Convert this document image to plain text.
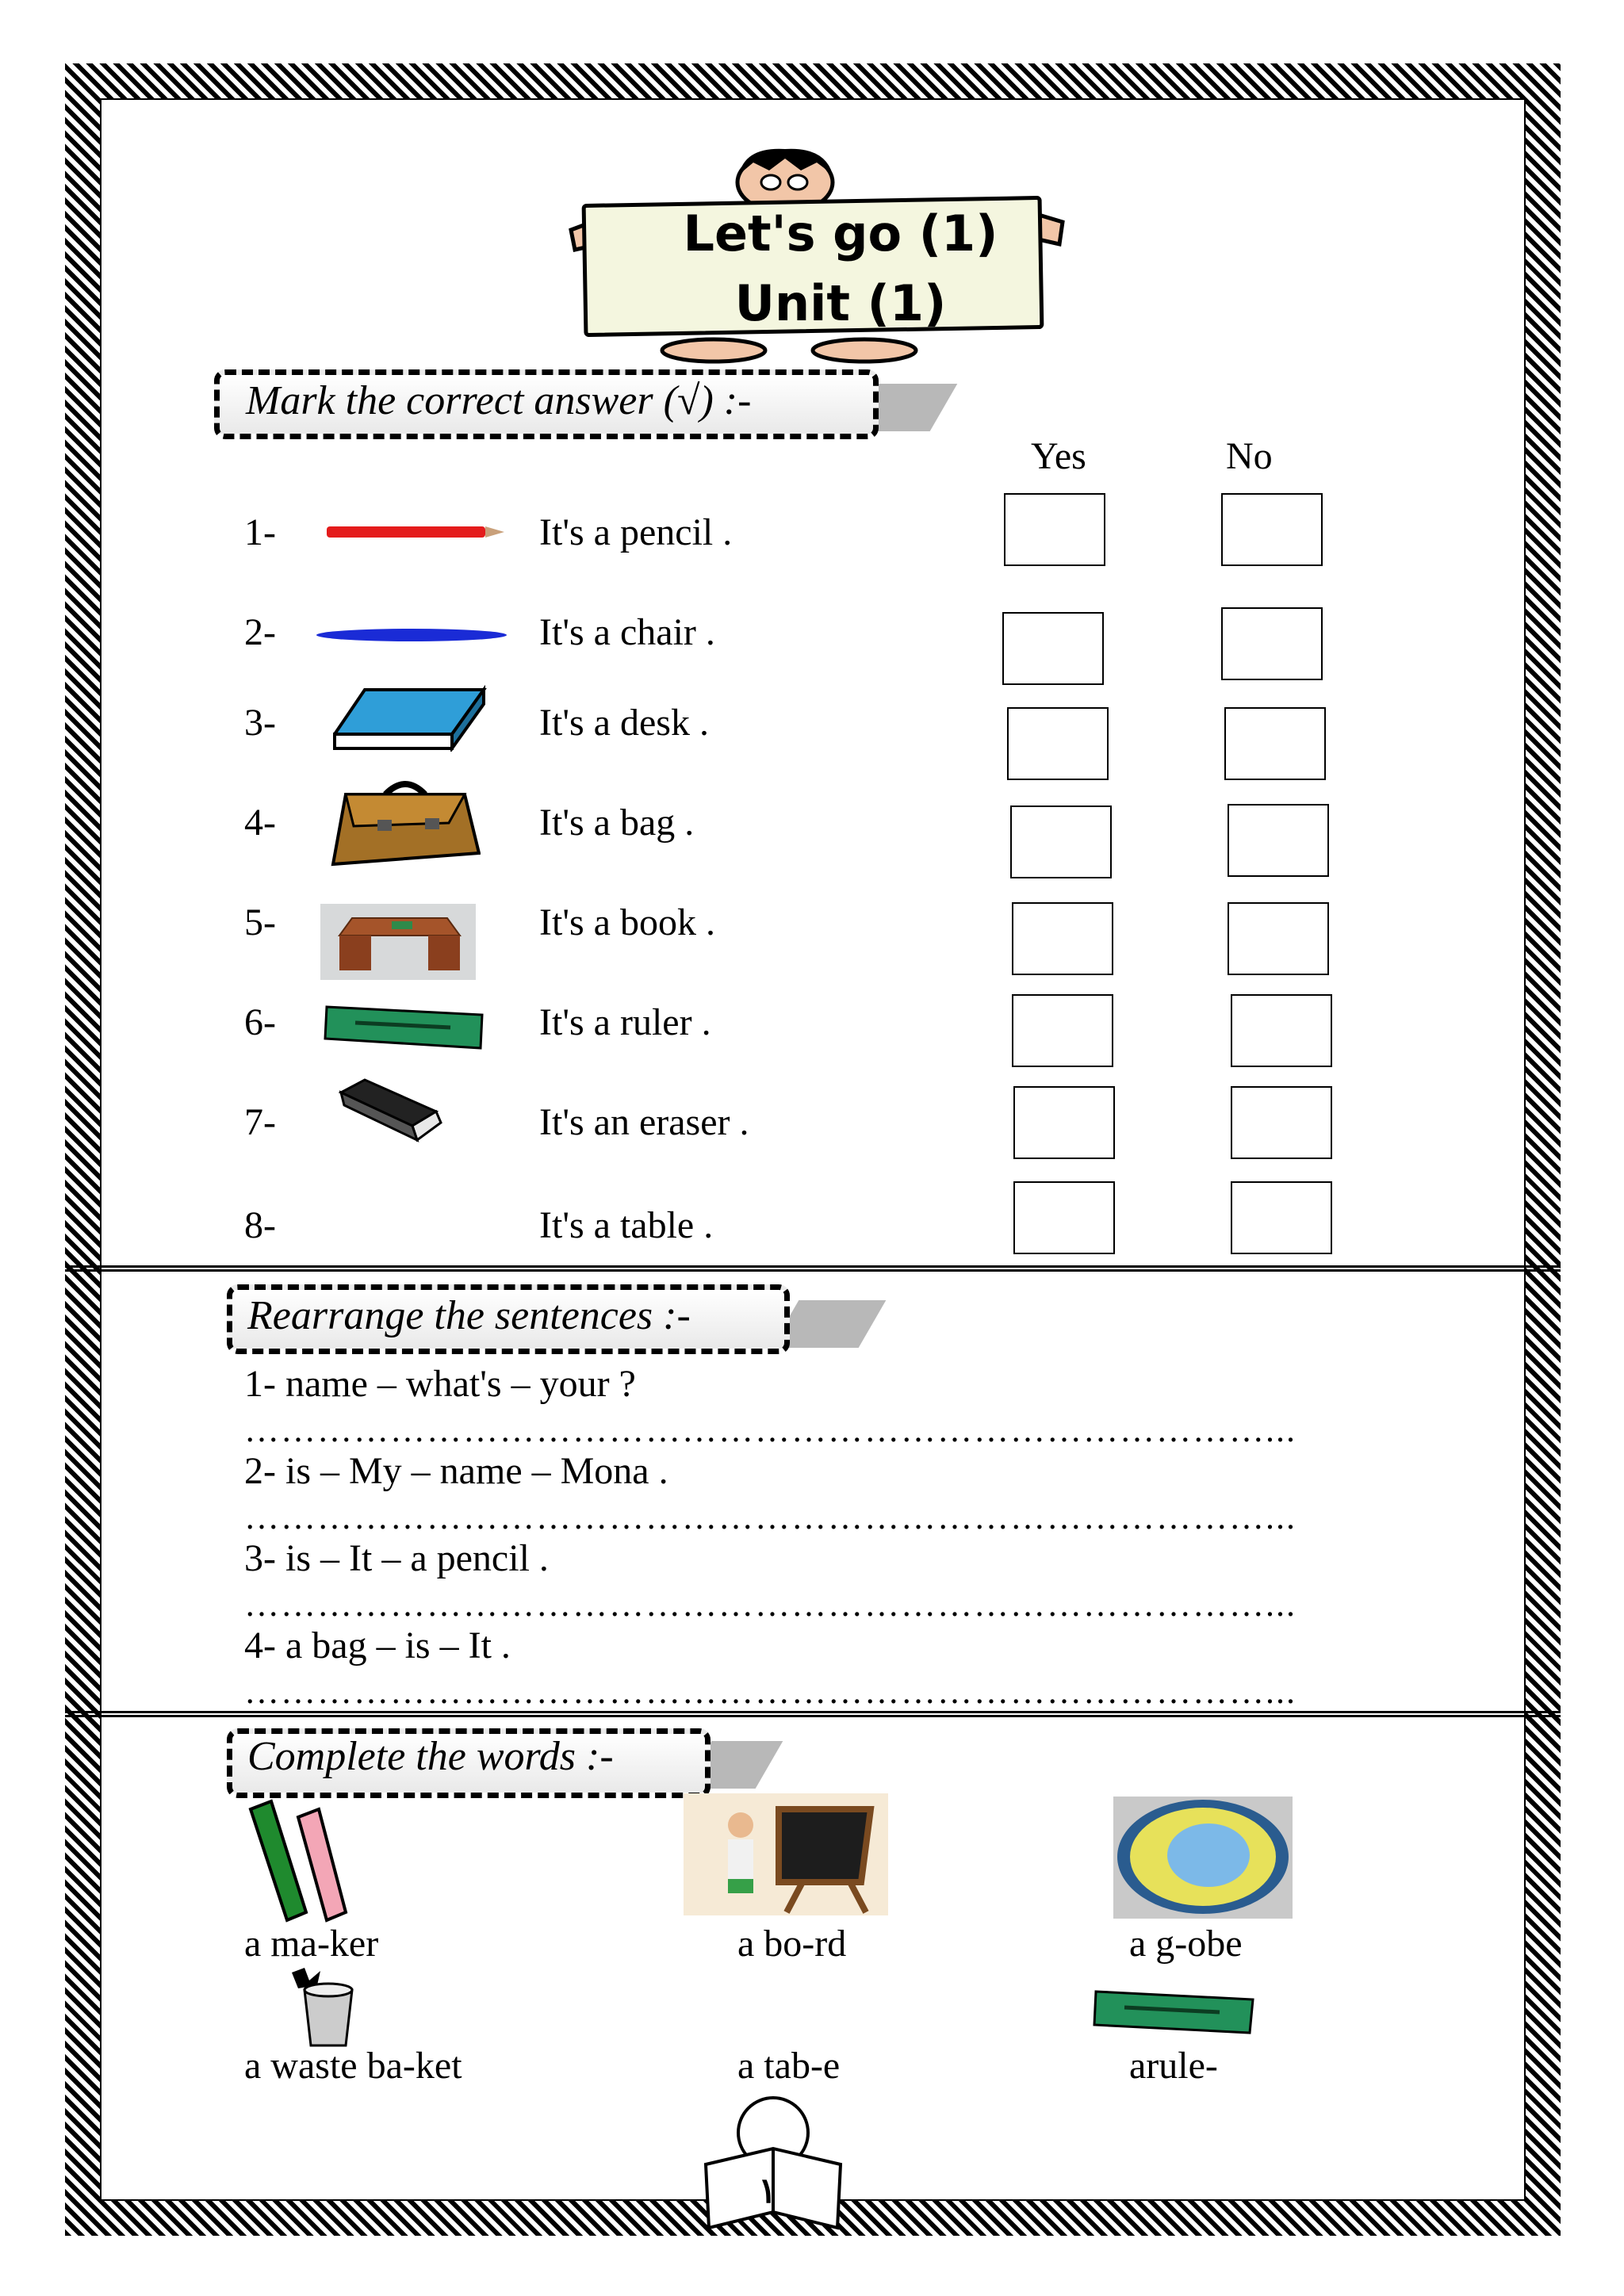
Let's go (1)
Unit (1)
Mark the correct answer (√) :-
Yes	No
1-	It's a pencil .
2-	It's a chair .
3-	It's a desk .
4-	It's a bag .
5-	It's a book .
6-	It's a ruler .
7-	It's an eraser .
8-	It's a table .
Rearrange the sentences :-
1- name – what's – your ?
…………………………………………………………………………...
2- is – My – name – Mona .
…………………………………………………………………………...
3- is – It – a pencil .
…………………………………………………………………………...
4- a bag – is – It .
…………………………………………………………………………...
Complete the words :-
a ma-ker	a bo-rd	a g-obe
a waste ba-ket	a tab-e	arule-
١
